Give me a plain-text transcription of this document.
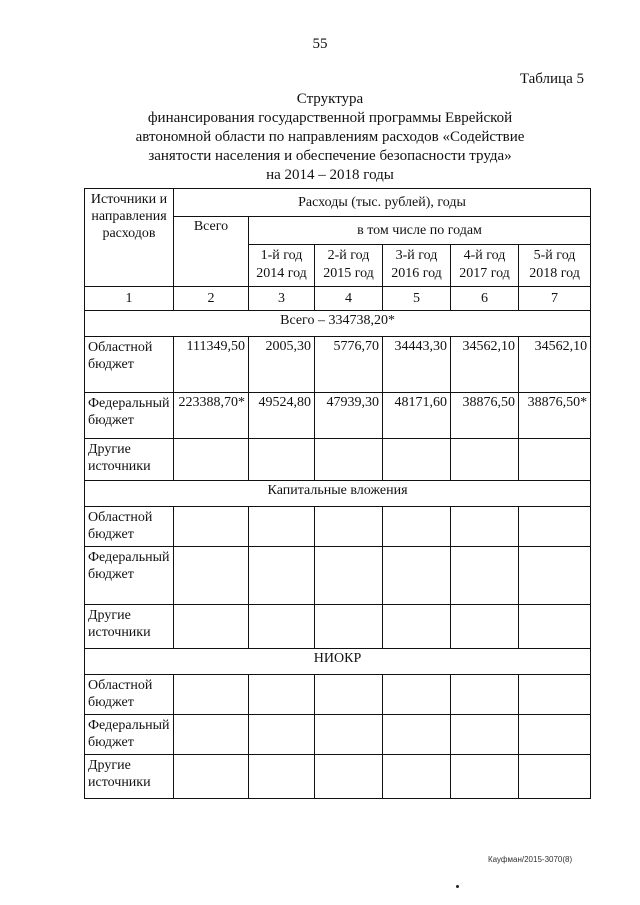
55
Таблица 5
Структура
финансирования государственной программы Еврейской
автономной области по направлениям расходов «Содействие
занятости населения и обеспечение безопасности труда»
на 2014 – 2018 годы
Источники и направления расходов	Расходы (тыс. рублей), годы					
	Всего	в том числе по годам				
		1-й год 2014 год	2-й год 2015 год	3-й год 2016 год	4-й год 2017 год	5-й год 2018 год
1	2	3	4	5	6	7
Всего – 334738,20*						
Областной бюджет	111349,50	2005,30	5776,70	34443,30	34562,10	34562,10
Федеральный бюджет	223388,70*	49524,80	47939,30	48171,60	38876,50	38876,50*
Другие источники						
Капитальные вложения						
Областной бюджет						
Федеральный бюджет						
Другие источники						
НИОКР						
Областной бюджет						
Федеральный бюджет						
Другие источники						
Кауфман/2015-3070(8)
